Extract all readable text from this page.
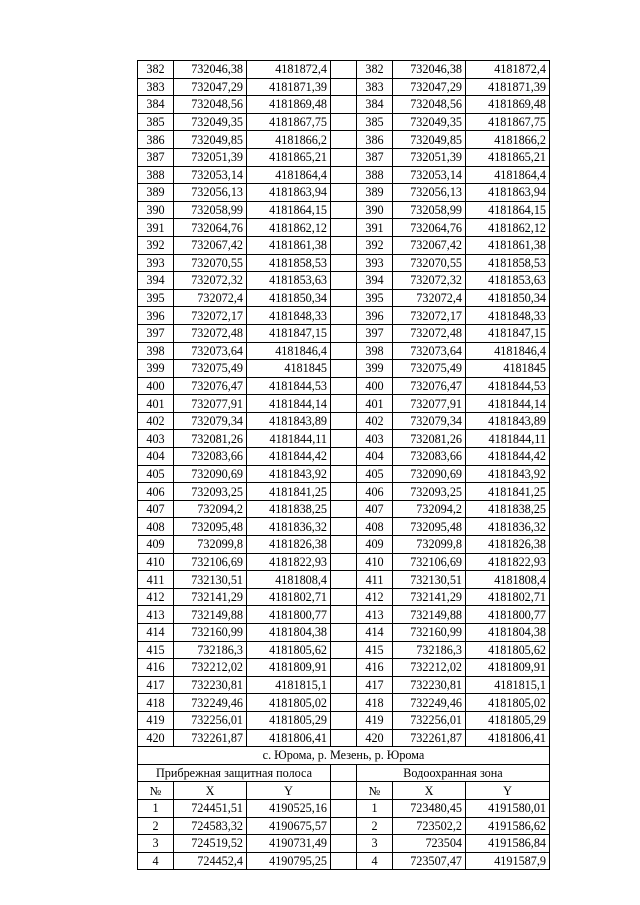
382	732046,38	4181872,4		382	732046,38	4181872,4
383	732047,29	4181871,39		383	732047,29	4181871,39
384	732048,56	4181869,48		384	732048,56	4181869,48
385	732049,35	4181867,75		385	732049,35	4181867,75
386	732049,85	4181866,2		386	732049,85	4181866,2
387	732051,39	4181865,21		387	732051,39	4181865,21
388	732053,14	4181864,4		388	732053,14	4181864,4
389	732056,13	4181863,94		389	732056,13	4181863,94
390	732058,99	4181864,15		390	732058,99	4181864,15
391	732064,76	4181862,12		391	732064,76	4181862,12
392	732067,42	4181861,38		392	732067,42	4181861,38
393	732070,55	4181858,53		393	732070,55	4181858,53
394	732072,32	4181853,63		394	732072,32	4181853,63
395	732072,4	4181850,34		395	732072,4	4181850,34
396	732072,17	4181848,33		396	732072,17	4181848,33
397	732072,48	4181847,15		397	732072,48	4181847,15
398	732073,64	4181846,4		398	732073,64	4181846,4
399	732075,49	4181845		399	732075,49	4181845
400	732076,47	4181844,53		400	732076,47	4181844,53
401	732077,91	4181844,14		401	732077,91	4181844,14
402	732079,34	4181843,89		402	732079,34	4181843,89
403	732081,26	4181844,11		403	732081,26	4181844,11
404	732083,66	4181844,42		404	732083,66	4181844,42
405	732090,69	4181843,92		405	732090,69	4181843,92
406	732093,25	4181841,25		406	732093,25	4181841,25
407	732094,2	4181838,25		407	732094,2	4181838,25
408	732095,48	4181836,32		408	732095,48	4181836,32
409	732099,8	4181826,38		409	732099,8	4181826,38
410	732106,69	4181822,93		410	732106,69	4181822,93
411	732130,51	4181808,4		411	732130,51	4181808,4
412	732141,29	4181802,71		412	732141,29	4181802,71
413	732149,88	4181800,77		413	732149,88	4181800,77
414	732160,99	4181804,38		414	732160,99	4181804,38
415	732186,3	4181805,62		415	732186,3	4181805,62
416	732212,02	4181809,91		416	732212,02	4181809,91
417	732230,81	4181815,1		417	732230,81	4181815,1
418	732249,46	4181805,02		418	732249,46	4181805,02
419	732256,01	4181805,29		419	732256,01	4181805,29
420	732261,87	4181806,41		420	732261,87	4181806,41
с. Юрома, р. Мезень, р. Юрома						
Прибрежная защитная полоса				Водоохранная зона		
№	X	Y		№	X	Y
1	724451,51	4190525,16		1	723480,45	4191580,01
2	724583,32	4190675,57		2	723502,2	4191586,62
3	724519,52	4190731,49		3	723504	4191586,84
4	724452,4	4190795,25		4	723507,47	4191587,9
